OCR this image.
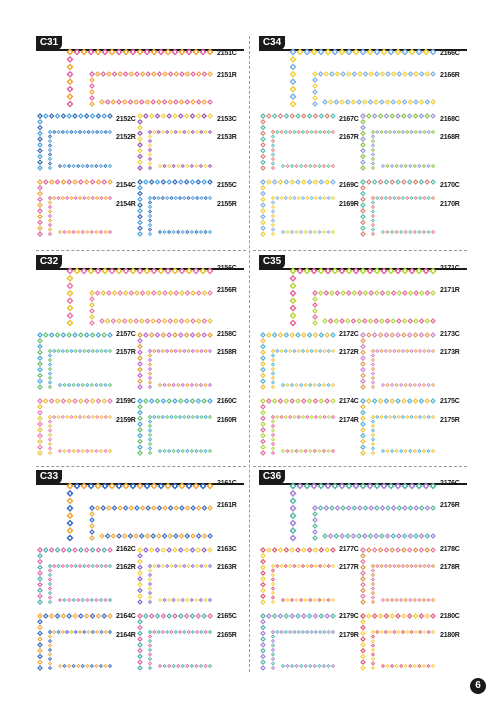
C31
2151C
2151R
2152C
2152R
2153C
2153R
2154C
2154R
2155C
2155R
C34
2166C
2166R
2167C
2167R
2168C
2168R
2169C
2169R
2170C
2170R
C32
2156C
2156R
2157C
2157R
2158C
2158R
2159C
2159R
2160C
2160R
C35
2171C
2171R
2172C
2172R
2173C
2173R
2174C
2174R
2175C
2175R
C33
2161C
2161R
2162C
2162R
2163C
2163R
2164C
2164R
2165C
2165R
C36
2176C
2176R
2177C
2177R
2178C
2178R
2179C
2179R
2180C
2180R
6
